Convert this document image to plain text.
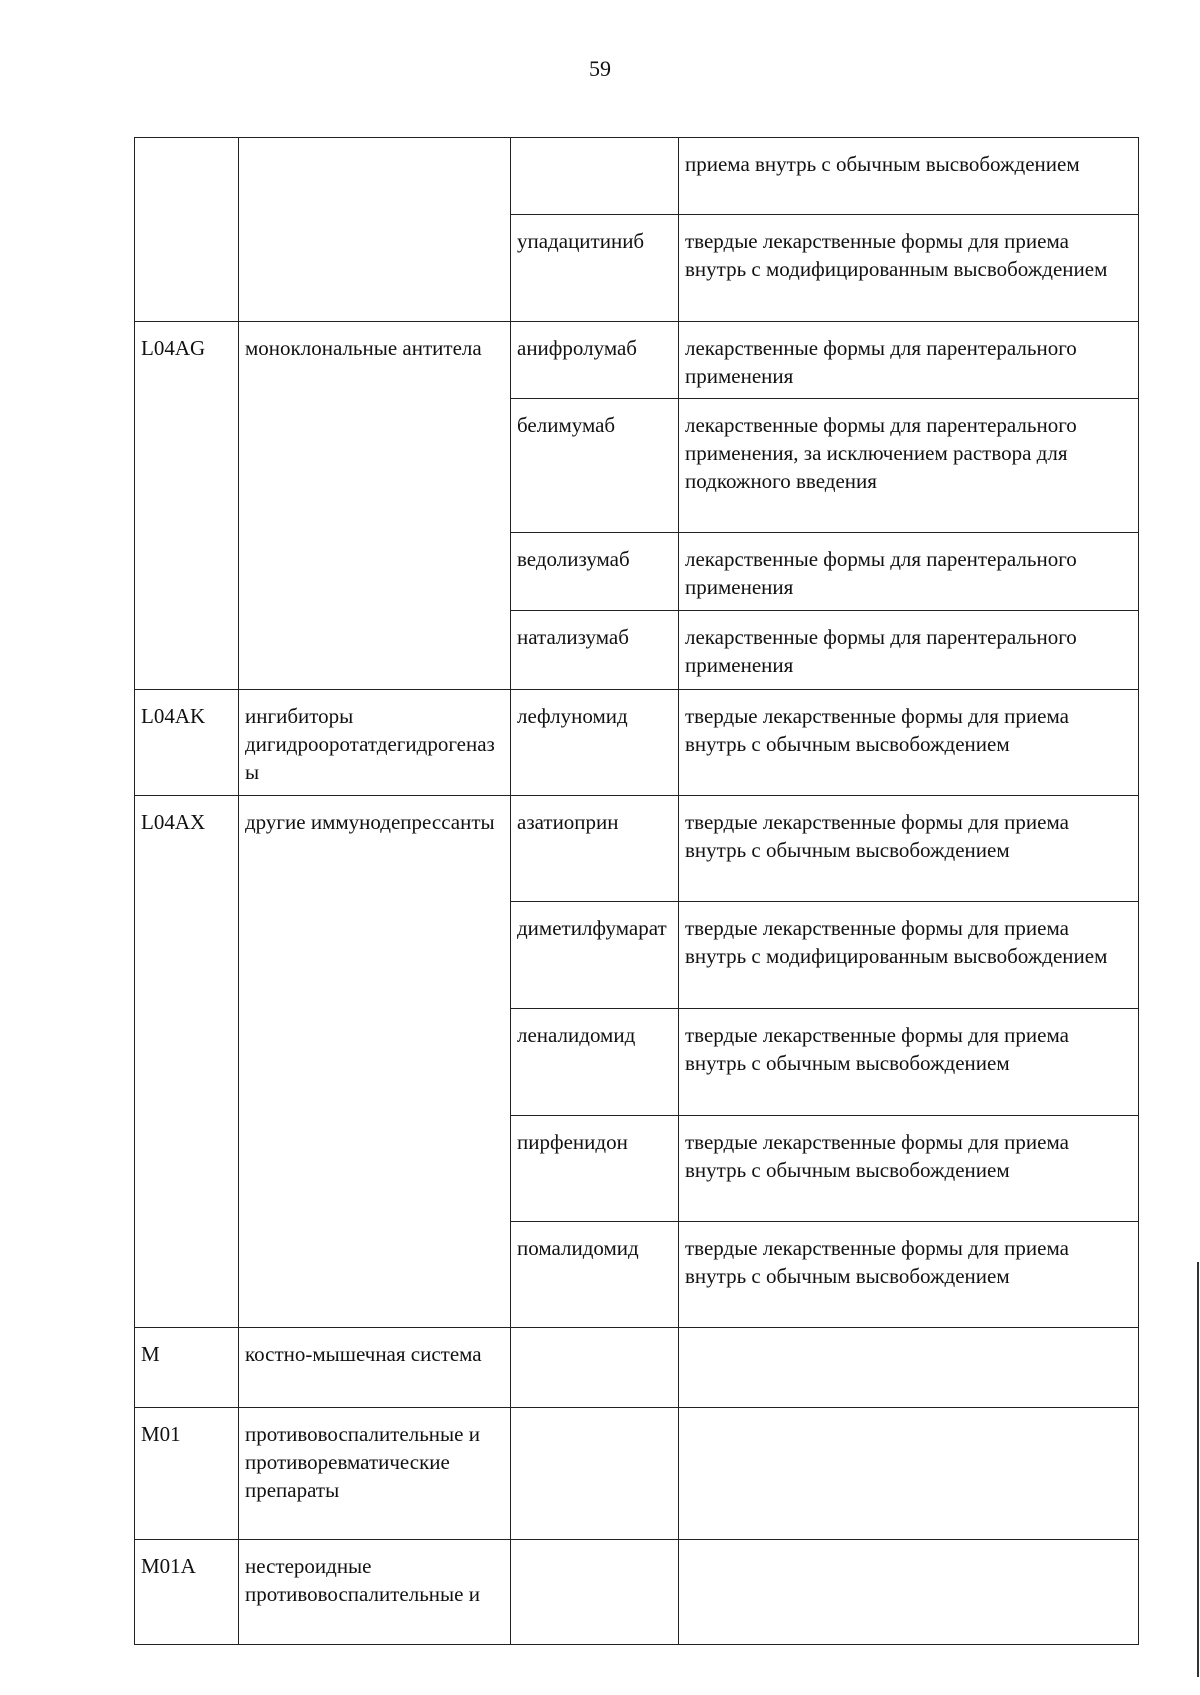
59
			приема внутрь с обычным высвобождением
		упадацитиниб	твердые лекарственные формы для приема внутрь с модифицированным высвобождением
L04AG	моноклональные антитела	анифролумаб	лекарственные формы для парентерального применения
		белимумаб	лекарственные формы для парентерального применения, за исключением раствора для подкожного введения
		ведолизумаб	лекарственные формы для парентерального применения
		натализумаб	лекарственные формы для парентерального применения
L04AK	ингибиторы дигидрооротатдегидрогеназы	лефлуномид	твердые лекарственные формы для приема внутрь с обычным высвобождением
L04AX	другие иммунодепрессанты	азатиоприн	твердые лекарственные формы для приема внутрь с обычным высвобождением
		диметилфумарат	твердые лекарственные формы для приема внутрь с модифицированным высвобождением
		леналидомид	твердые лекарственные формы для приема внутрь с обычным высвобождением
		пирфенидон	твердые лекарственные формы для приема внутрь с обычным высвобождением
		помалидомид	твердые лекарственные формы для приема внутрь с обычным высвобождением
M	костно-мышечная система		
M01	противовоспалительные и противоревматические препараты		
M01A	нестероидные противовоспалительные и		
